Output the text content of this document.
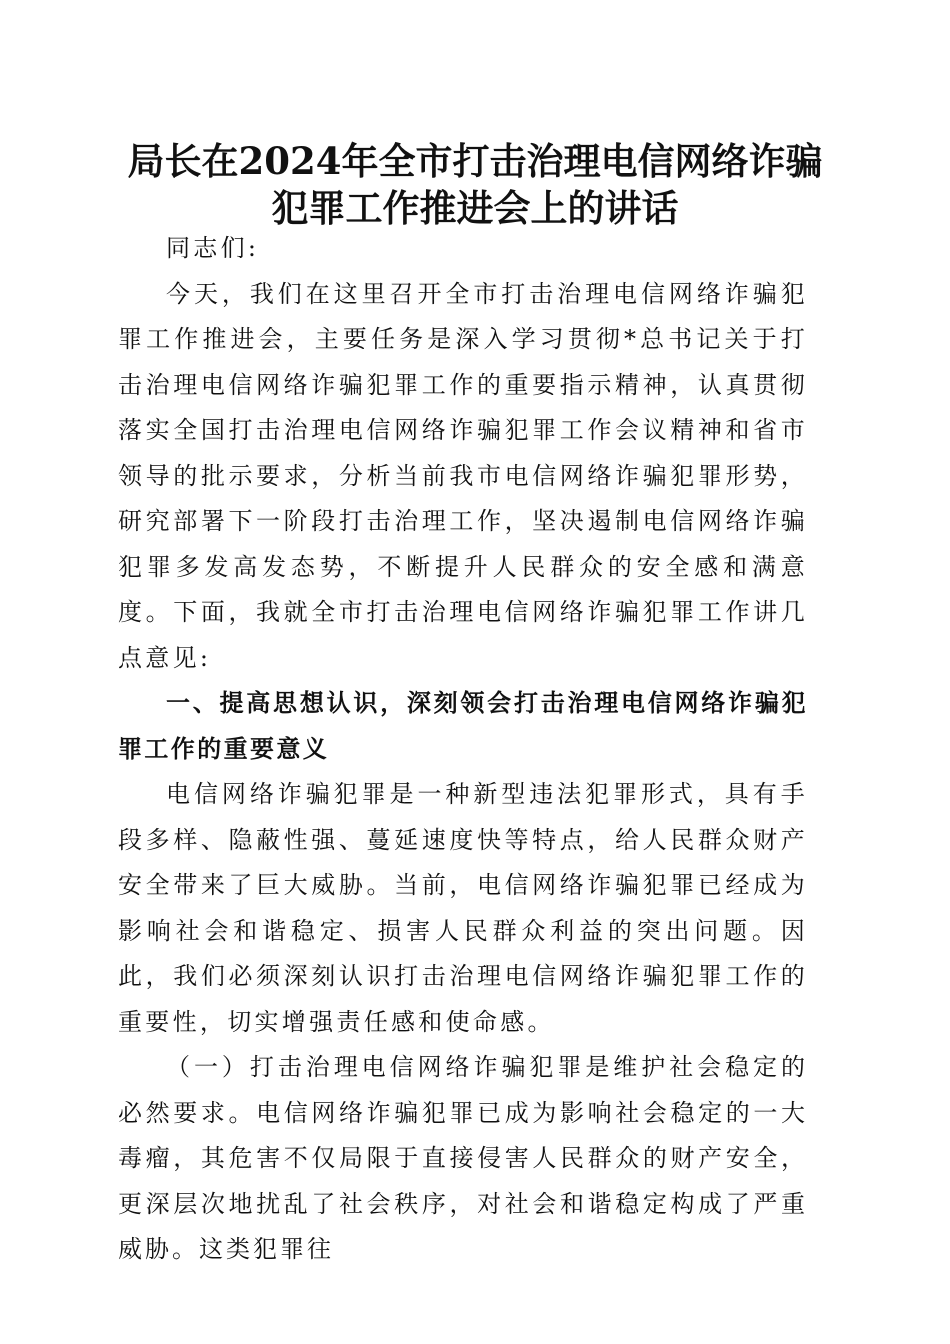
局长在2024年全市打击治理电信网络诈骗犯罪工作推进会上的讲话

同志们:

今天，我们在这里召开全市打击治理电信网络诈骗犯罪工作推进会，主要任务是深入学习贯彻*总书记关于打击治理电信网络诈骗犯罪工作的重要指示精神，认真贯彻落实全国打击治理电信网络诈骗犯罪工作会议精神和省市领导的批示要求，分析当前我市电信网络诈骗犯罪形势，研究部署下一阶段打击治理工作，坚决遏制电信网络诈骗犯罪多发高发态势，不断提升人民群众的安全感和满意度。下面，我就全市打击治理电信网络诈骗犯罪工作讲几点意见:

一、提高思想认识，深刻领会打击治理电信网络诈骗犯罪工作的重要意义

电信网络诈骗犯罪是一种新型违法犯罪形式，具有手段多样、隐蔽性强、蔓延速度快等特点，给人民群众财产安全带来了巨大威胁。当前，电信网络诈骗犯罪已经成为影响社会和谐稳定、损害人民群众利益的突出问题。因此，我们必须深刻认识打击治理电信网络诈骗犯罪工作的重要性，切实增强责任感和使命感。

（一）打击治理电信网络诈骗犯罪是维护社会稳定的必然要求。电信网络诈骗犯罪已成为影响社会稳定的一大毒瘤，其危害不仅局限于直接侵害人民群众的财产安全，更深层次地扰乱了社会秩序，对社会和谐稳定构成了严重威胁。这类犯罪往
